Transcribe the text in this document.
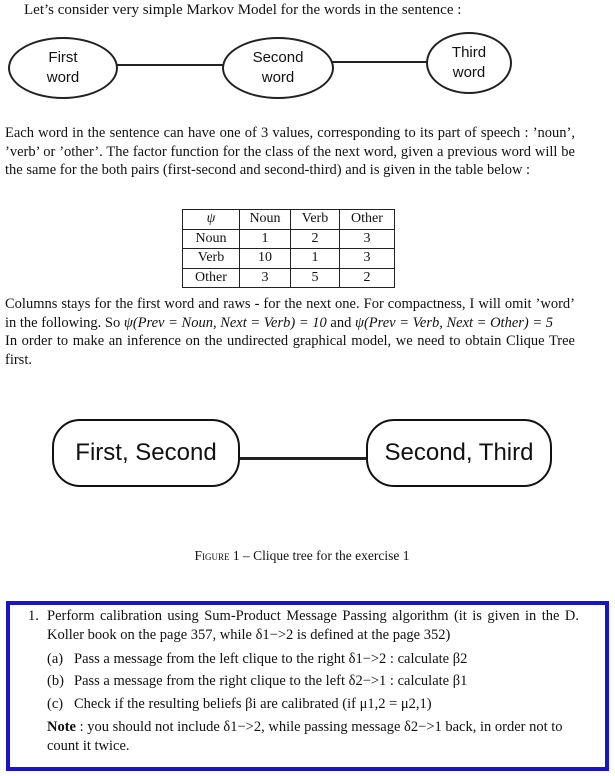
Let’s consider very simple Markov Model for the words in the sentence :
First
word
Second
word
Third
word
Each word in the sentence can have one of 3 values, corresponding to its part of speech : ’noun’, ’verb’ or ’other’. The factor function for the class of the next word, given a previous word will be the same for the both pairs (first-second and second-third) and is given in the table below :
ψ	Noun	Verb	Other
Noun	1	2	3
Verb	10	1	3
Other	3	5	2
Columns stays for the first word and raws - for the next one. For compactness, I will omit ’word’ in the following. So ψ(Prev = Noun, Next = Verb) = 10 and ψ(Prev = Verb, Next = Other) = 5
In order to make an inference on the undirected graphical model, we need to obtain Clique Tree first.
First, Second	Second, Third
Figure 1 – Clique tree for the exercise 1
1. Perform calibration using Sum-Product Message Passing algorithm (it is given in the D. Koller book on the page 357, while δ1−>2 is defined at the page 352)
(a) Pass a message from the left clique to the right δ1−>2 : calculate β2
(b) Pass a message from the right clique to the left δ2−>1 : calculate β1
(c) Check if the resulting beliefs βi are calibrated (if μ1,2 = μ2,1)
Note : you should not include δ1−>2, while passing message δ2−>1 back, in order not to count it twice.
